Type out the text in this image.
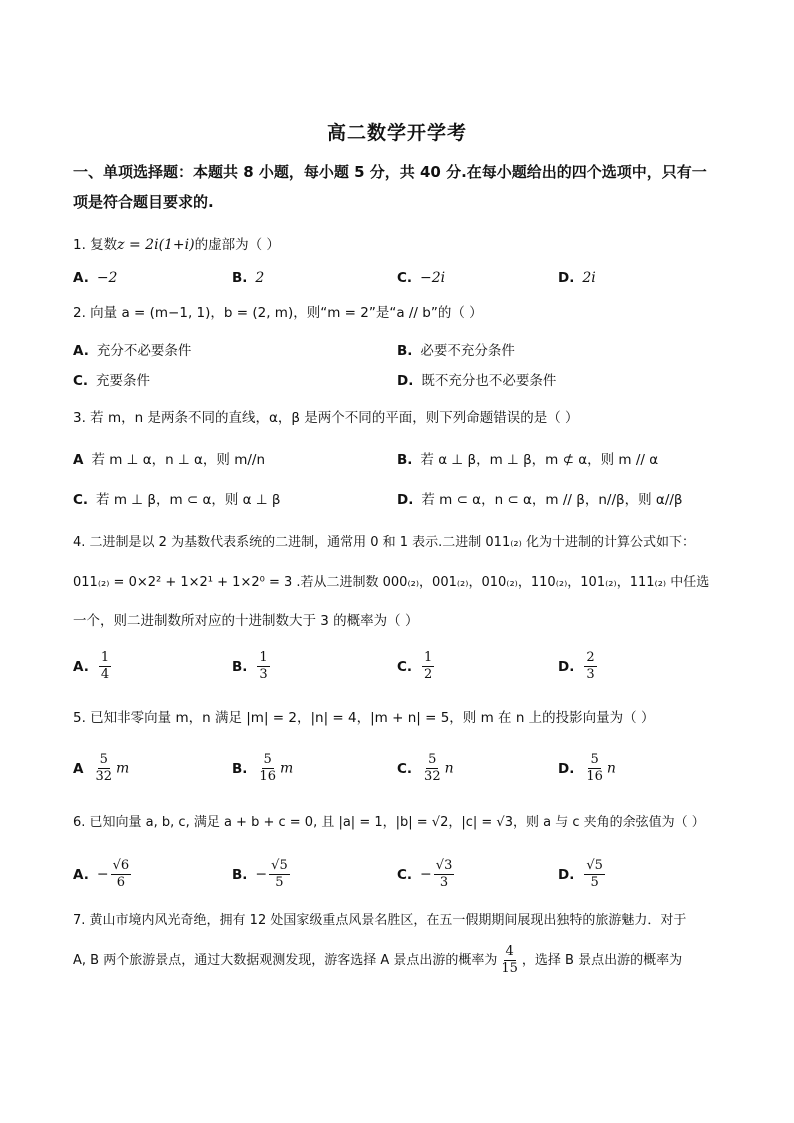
高二数学开学考
一、单项选择题：本题共 8 小题，每小题 5 分，共 40 分.在每小题给出的四个选项中，只有一
项是符合题目要求的.
1. 复数z = 2i(1+i)的虚部为（ ）
A. −2	B. 2	C. −2i	D. 2i
2. 向量 a = (m−1, 1)，b = (2, m)，则“m = 2”是“a // b”的（ ）
A. 充分不必要条件	B. 必要不充分条件
C. 充要条件	D. 既不充分也不必要条件
3. 若 m，n 是两条不同的直线，α，β 是两个不同的平面，则下列命题错误的是（ ）
A 若 m ⊥ α，n ⊥ α，则 m//n	B. 若 α ⊥ β，m ⊥ β，m ⊄ α，则 m // α
C. 若 m ⊥ β，m ⊂ α，则 α ⊥ β	D. 若 m ⊂ α，n ⊂ α，m // β，n//β，则 α//β
4. 二进制是以 2 为基数代表系统的二进制，通常用 0 和 1 表示.二进制 011₍₂₎ 化为十进制的计算公式如下：
011₍₂₎ = 0×2² + 1×2¹ + 1×2⁰ = 3 .若从二进制数 000₍₂₎，001₍₂₎，010₍₂₎，110₍₂₎，101₍₂₎，111₍₂₎ 中任选
一个，则二进制数所对应的十进制数大于 3 的概率为（ ）
A. $\frac{1}{4}$	B. $\frac{1}{3}$	C. $\frac{1}{2}$	D. $\frac{2}{3}$
5. 已知非零向量 m，n 满足 |m| = 2，|n| = 4，|m + n| = 5，则 m 在 n 上的投影向量为（ ）
A $\frac{5}{32}$ m	B. $\frac{5}{16}$ m	C. $\frac{5}{32}$ n	D. $\frac{5}{16}$ n
6. 已知向量 a, b, c, 满足 a + b + c = 0, 且 |a| = 1，|b| = √2，|c| = √3，则 a 与 c 夹角的余弦值为（ ）
A. − $\frac{√6}{6}$	B. − $\frac{√5}{5}$	C. − $\frac{√3}{3}$	D. $\frac{√5}{5}$
7. 黄山市境内风光奇绝，拥有 12 处国家级重点风景名胜区，在五一假期期间展现出独特的旅游魅力．对于
A, B 两个旅游景点，通过大数据观测发现，游客选择 A 景点出游的概率为 $\frac{4}{15}$ ，选择 B 景点出游的概率为
